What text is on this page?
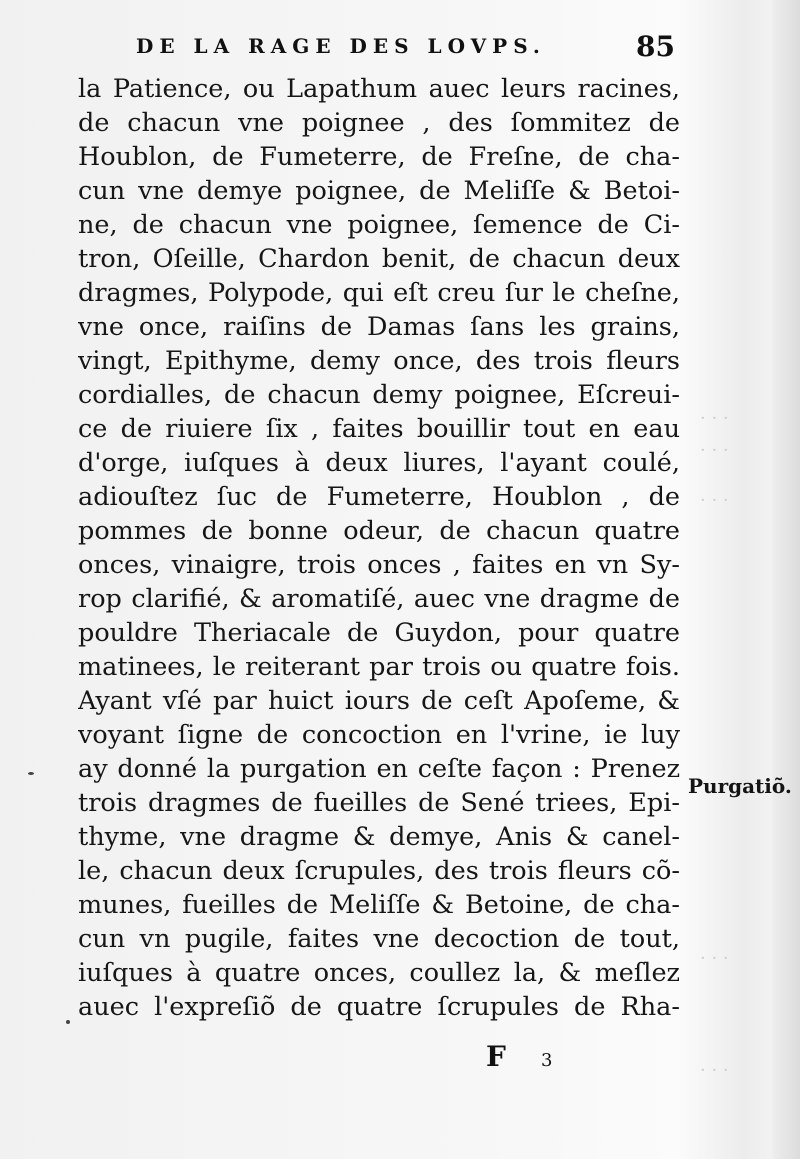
· · ·
· · ·
· · ·
· · ·
· · ·
DE LA RAGE DES LOVPS.	85
la Patience, ou Lapathum auec leurs racines,
de chacun vne poignee , des ſommitez de
Houblon, de Fumeterre, de Freſne, de cha-
cun vne demye poignee, de Meliſſe & Betoi-
ne, de chacun vne poignee, ſemence de Ci-
tron, Oſeille, Chardon benit, de chacun deux
dragmes, Polypode, qui eſt creu ſur le cheſne,
vne once, raiſins de Damas ſans les grains,
vingt, Epithyme, demy once, des trois fleurs
cordialles, de chacun demy poignee, Eſcreui-
ce de riuiere ſix , faites bouillir tout en eau
d'orge, iuſques à deux liures, l'ayant coulé,
adiouſtez ſuc de Fumeterre, Houblon , de
pommes de bonne odeur, de chacun quatre
onces, vinaigre, trois onces , faites en vn Sy-
rop clarifié, & aromatiſé, auec vne dragme de
pouldre Theriacale de Guydon, pour quatre
matinees, le reiterant par trois ou quatre fois.
Ayant vſé par huict iours de ceſt Apoſeme, &
voyant ſigne de concoction en l'vrine, ie luy
ay donné la purgation en ceſte façon : Prenez
trois dragmes de fueilles de Sené triees, Epi-
thyme, vne dragme & demye, Anis & canel-
le, chacun deux ſcrupules, des trois fleurs cõ-
munes, fueilles de Meliſſe & Betoine, de cha-
cun vn pugile, faites vne decoction de tout,
iuſques à quatre onces, coullez la, & meſlez
auec l'expreſiõ de quatre ſcrupules de Rha-
Purgatiõ.
F 3
